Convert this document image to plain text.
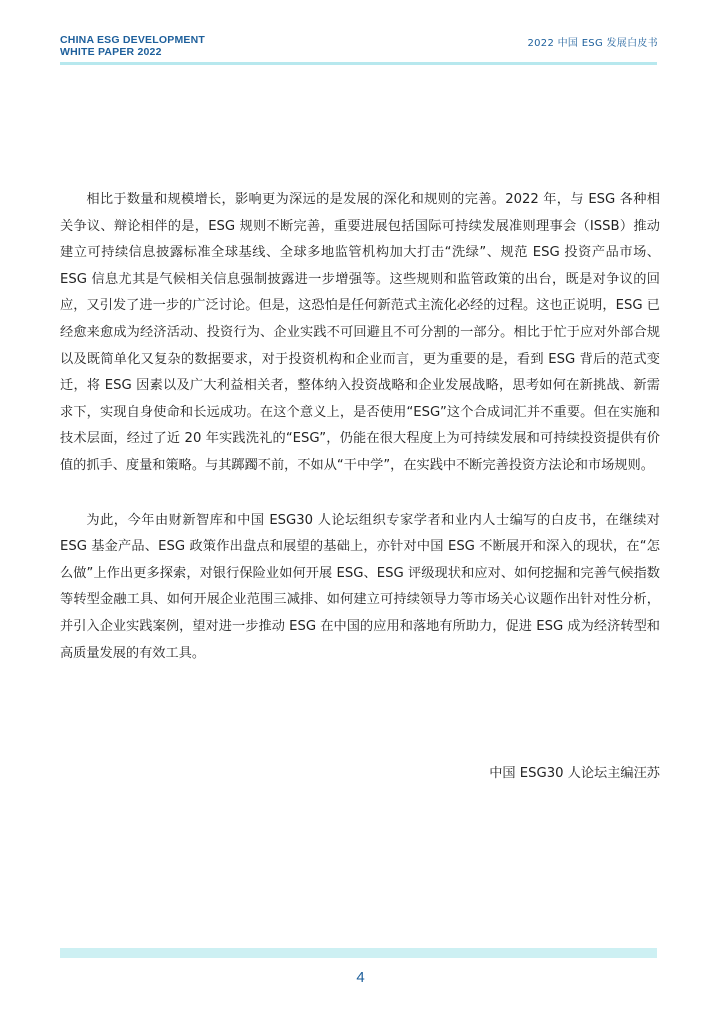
CHINA ESG DEVELOPMENT
WHITE PAPER 2022
2022 中国 ESG 发展白皮书

相比于数量和规模增长，影响更为深远的是发展的深化和规则的完善。2022 年，与 ESG 各种相关争议、辩论相伴的是，ESG 规则不断完善，重要进展包括国际可持续发展准则理事会（ISSB）推动建立可持续信息披露标准全球基线、全球多地监管机构加大打击“洗绿”、规范 ESG 投资产品市场、ESG 信息尤其是气候相关信息强制披露进一步增强等。这些规则和监管政策的出台，既是对争议的回应，又引发了进一步的广泛讨论。但是，这恐怕是任何新范式主流化必经的过程。这也正说明，ESG 已经愈来愈成为经济活动、投资行为、企业实践不可回避且不可分割的一部分。相比于忙于应对外部合规以及既简单化又复杂的数据要求，对于投资机构和企业而言，更为重要的是，看到 ESG 背后的范式变迁，将 ESG 因素以及广大利益相关者，整体纳入投资战略和企业发展战略，思考如何在新挑战、新需求下，实现自身使命和长远成功。在这个意义上，是否使用“ESG”这个合成词汇并不重要。但在实施和技术层面，经过了近 20 年实践洗礼的“ESG”，仍能在很大程度上为可持续发展和可持续投资提供有价值的抓手、度量和策略。与其踯躅不前，不如从“干中学”，在实践中不断完善投资方法论和市场规则。

为此，今年由财新智库和中国 ESG30 人论坛组织专家学者和业内人士编写的白皮书，在继续对 ESG 基金产品、ESG 政策作出盘点和展望的基础上，亦针对中国 ESG 不断展开和深入的现状，在“怎么做”上作出更多探索，对银行保险业如何开展 ESG、ESG 评级现状和应对、如何挖掘和完善气候指数等转型金融工具、如何开展企业范围三减排、如何建立可持续领导力等市场关心议题作出针对性分析，并引入企业实践案例，望对进一步推动 ESG 在中国的应用和落地有所助力，促进 ESG 成为经济转型和高质量发展的有效工具。

中国 ESG30 人论坛主编汪苏
4
